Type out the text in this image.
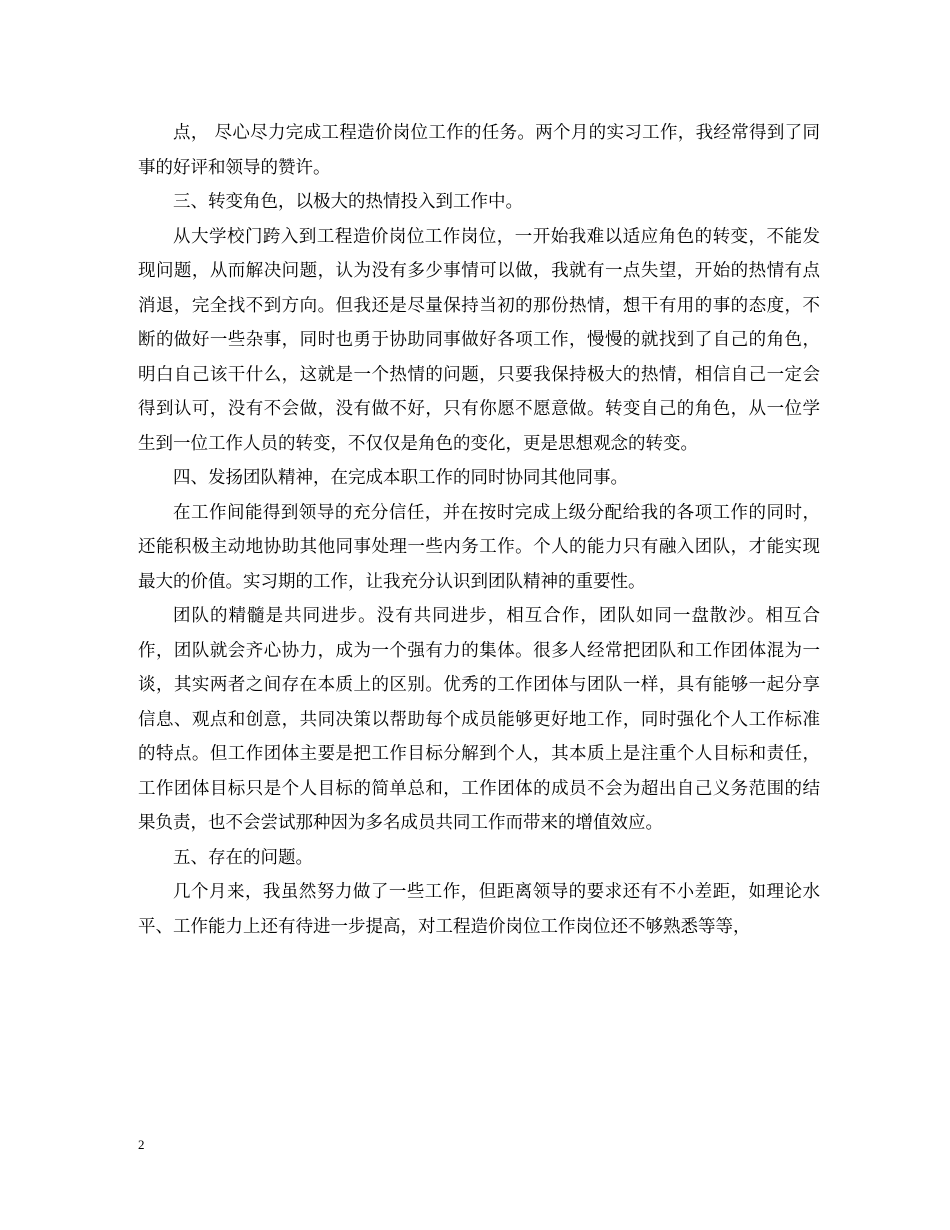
点， 尽心尽力完成工程造价岗位工作的任务。两个月的实习工作，我经常得到了同事的好评和领导的赞许。

三、转变角色，以极大的热情投入到工作中。

从大学校门跨入到工程造价岗位工作岗位，一开始我难以适应角色的转变，不能发现问题，从而解决问题，认为没有多少事情可以做，我就有一点失望，开始的热情有点消退，完全找不到方向。但我还是尽量保持当初的那份热情，想干有用的事的态度，不断的做好一些杂事，同时也勇于协助同事做好各项工作，慢慢的就找到了自己的角色，明白自己该干什么，这就是一个热情的问题，只要我保持极大的热情，相信自己一定会得到认可，没有不会做，没有做不好，只有你愿不愿意做。转变自己的角色，从一位学生到一位工作人员的转变，不仅仅是角色的变化，更是思想观念的转变。

四、发扬团队精神，在完成本职工作的同时协同其他同事。

在工作间能得到领导的充分信任，并在按时完成上级分配给我的各项工作的同时，还能积极主动地协助其他同事处理一些内务工作。个人的能力只有融入团队，才能实现最大的价值。实习期的工作，让我充分认识到团队精神的重要性。

团队的精髓是共同进步。没有共同进步，相互合作，团队如同一盘散沙。相互合作，团队就会齐心协力，成为一个强有力的集体。很多人经常把团队和工作团体混为一谈，其实两者之间存在本质上的区别。优秀的工作团体与团队一样，具有能够一起分享信息、观点和创意，共同决策以帮助每个成员能够更好地工作，同时强化个人工作标准的特点。但工作团体主要是把工作目标分解到个人，其本质上是注重个人目标和责任，工作团体目标只是个人目标的简单总和，工作团体的成员不会为超出自己义务范围的结果负责，也不会尝试那种因为多名成员共同工作而带来的增值效应。

五、存在的问题。

几个月来，我虽然努力做了一些工作，但距离领导的要求还有不小差距，如理论水平、工作能力上还有待进一步提高，对工程造价岗位工作岗位还不够熟悉等等，

2
